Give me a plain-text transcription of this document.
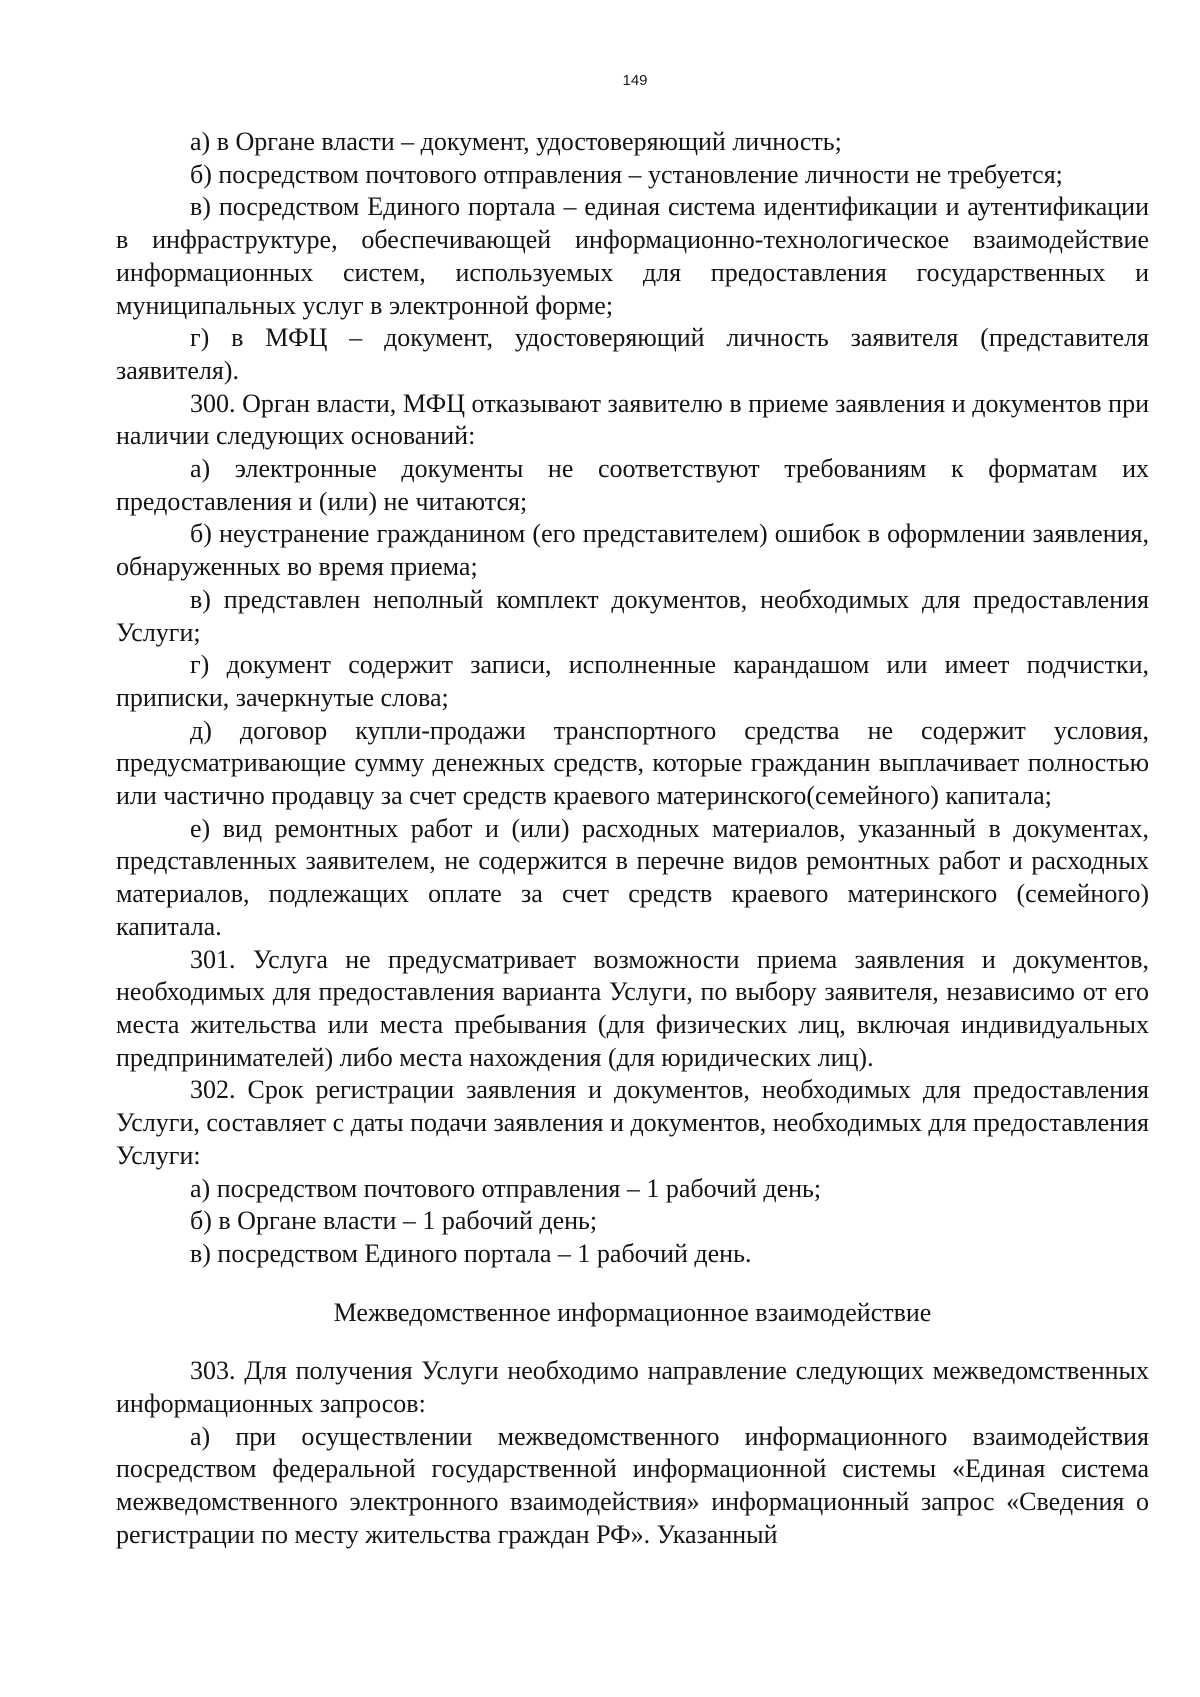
149

а) в Органе власти – документ, удостоверяющий личность;

б) посредством почтового отправления – установление личности не требуется;

в) посредством Единого портала – единая система идентификации и аутентификации в инфраструктуре, обеспечивающей информационно-технологическое взаимодействие информационных систем, используемых для предоставления государственных и муниципальных услуг в электронной форме;

г) в МФЦ – документ, удостоверяющий личность заявителя (представителя заявителя).

300. Орган власти, МФЦ отказывают заявителю в приеме заявления и документов при наличии следующих оснований:

а) электронные документы не соответствуют требованиям к форматам их предоставления и (или) не читаются;

б) неустранение гражданином (его представителем) ошибок в оформлении заявления, обнаруженных во время приема;

в) представлен неполный комплект документов, необходимых для предоставления Услуги;

г) документ содержит записи, исполненные карандашом или имеет подчистки, приписки, зачеркнутые слова;

д) договор купли-продажи транспортного средства не содержит условия, предусматривающие сумму денежных средств, которые гражданин выплачивает полностью или частично продавцу за счет средств краевого материнского(семейного) капитала;

е) вид ремонтных работ и (или) расходных материалов, указанный в документах, представленных заявителем, не содержится в перечне видов ремонтных работ и расходных материалов, подлежащих оплате за счет средств краевого материнского (семейного) капитала.

301. Услуга не предусматривает возможности приема заявления и документов, необходимых для предоставления варианта Услуги, по выбору заявителя, независимо от его места жительства или места пребывания (для физических лиц, включая индивидуальных предпринимателей) либо места нахождения (для юридических лиц).

302. Срок регистрации заявления и документов, необходимых для предоставления Услуги, составляет с даты подачи заявления и документов, необходимых для предоставления Услуги:

а) посредством почтового отправления – 1 рабочий день;

б) в Органе власти – 1 рабочий день;

в) посредством Единого портала – 1 рабочий день.

Межведомственное информационное взаимодействие

303. Для получения Услуги необходимо направление следующих межведомственных информационных запросов:

а) при осуществлении межведомственного информационного взаимодействия посредством федеральной государственной информационной системы «Единая система межведомственного электронного взаимодействия» информационный запрос «Сведения о регистрации по месту жительства граждан РФ». Указанный
